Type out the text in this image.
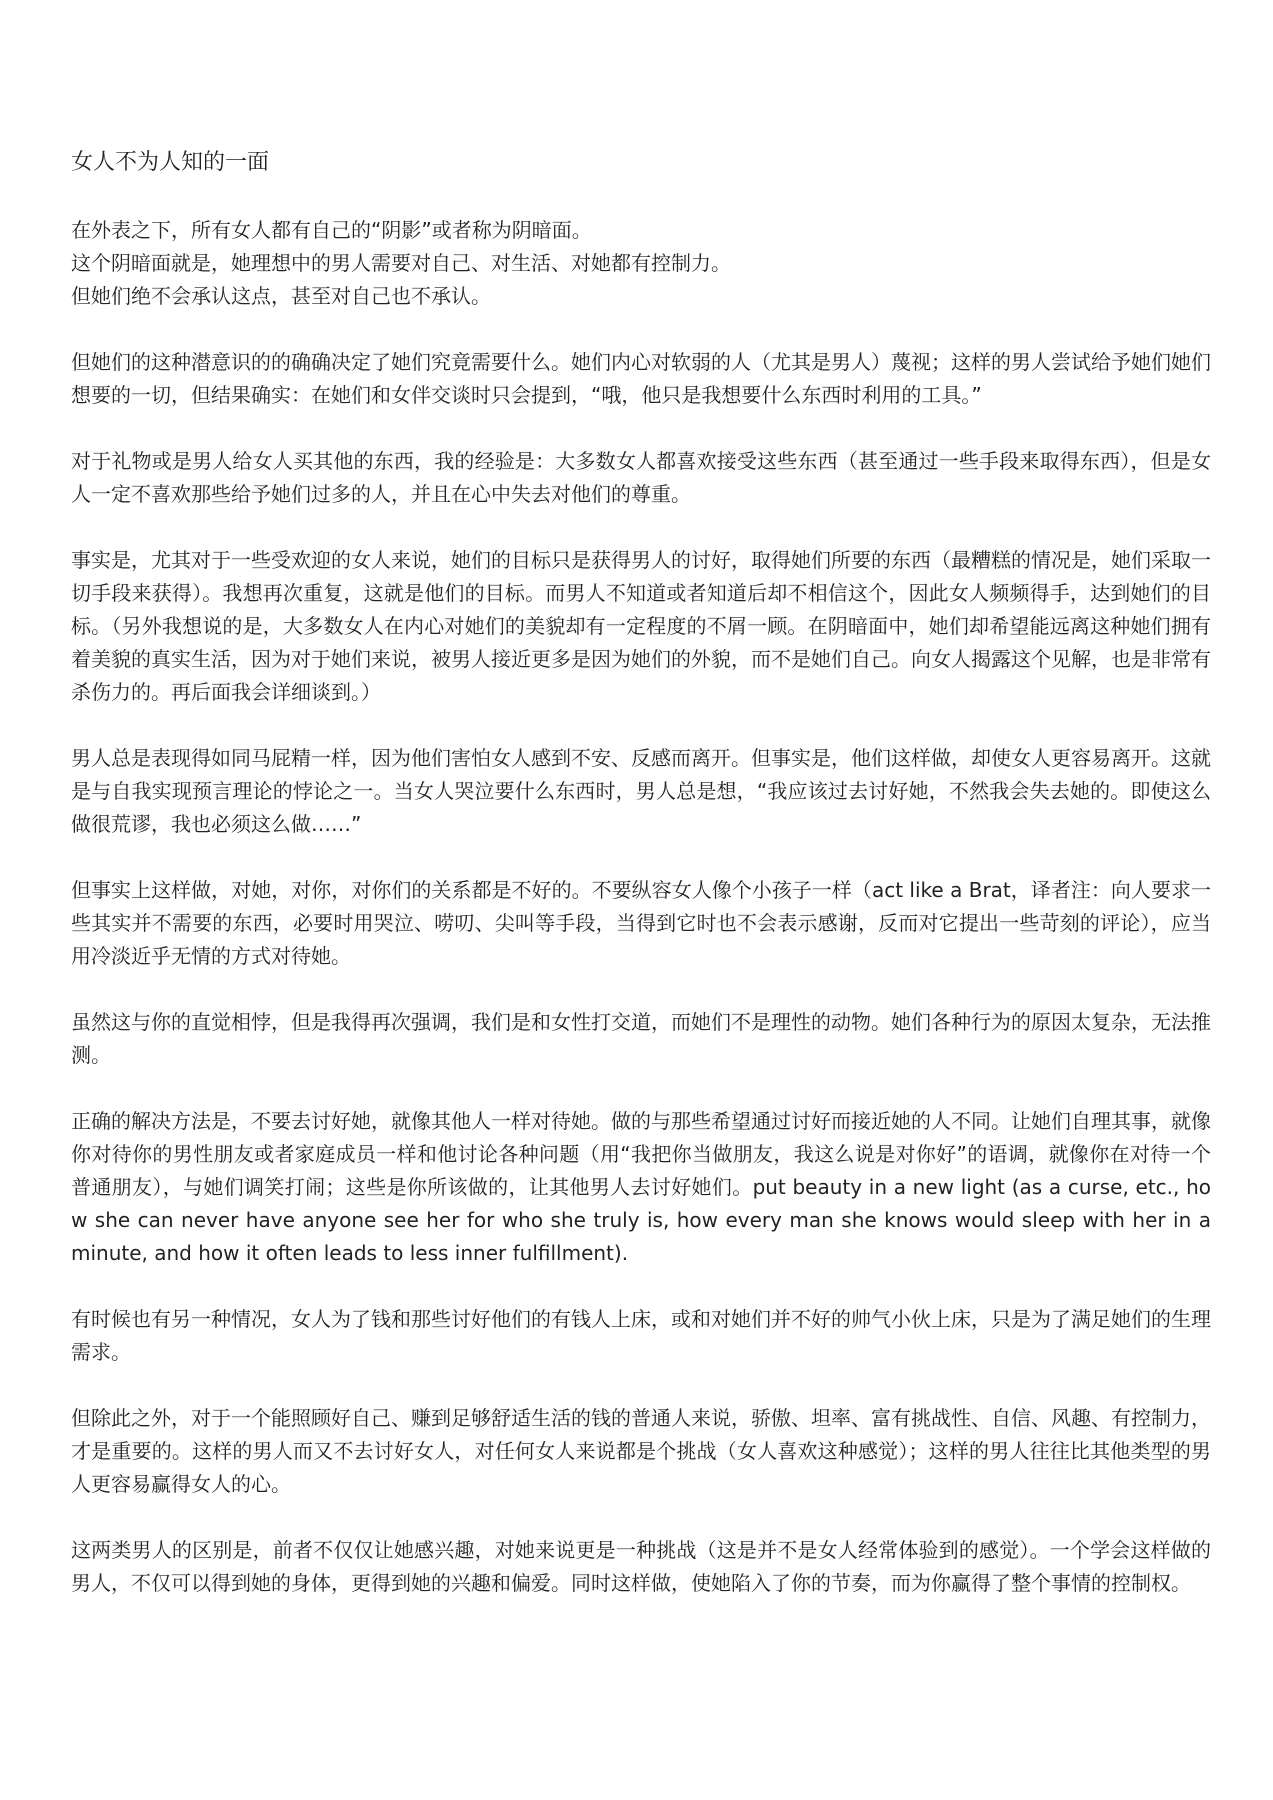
女人不为人知的一面
在外表之下，所有女人都有自己的“阴影”或者称为阴暗面。
这个阴暗面就是，她理想中的男人需要对自己、对生活、对她都有控制力。
但她们绝不会承认这点，甚至对自己也不承认。
但她们的这种潜意识的的确确决定了她们究竟需要什么。她们内心对软弱的人（尤其是男人）蔑视；这样的男人尝试给予她们她们想要的一切，但结果确实：在她们和女伴交谈时只会提到，“哦，他只是我想要什么东西时利用的工具。”
对于礼物或是男人给女人买其他的东西，我的经验是：大多数女人都喜欢接受这些东西（甚至通过一些手段来取得东西），但是女人一定不喜欢那些给予她们过多的人，并且在心中失去对他们的尊重。
事实是，尤其对于一些受欢迎的女人来说，她们的目标只是获得男人的讨好，取得她们所要的东西（最糟糕的情况是，她们采取一切手段来获得）。我想再次重复，这就是他们的目标。而男人不知道或者知道后却不相信这个，因此女人频频得手，达到她们的目标。（另外我想说的是，大多数女人在内心对她们的美貌却有一定程度的不屑一顾。在阴暗面中，她们却希望能远离这种她们拥有着美貌的真实生活，因为对于她们来说，被男人接近更多是因为她们的外貌，而不是她们自己。向女人揭露这个见解，也是非常有杀伤力的。再后面我会详细谈到。）
男人总是表现得如同马屁精一样，因为他们害怕女人感到不安、反感而离开。但事实是，他们这样做，却使女人更容易离开。这就是与自我实现预言理论的悖论之一。当女人哭泣要什么东西时，男人总是想，“我应该过去讨好她，不然我会失去她的。即使这么做很荒谬，我也必须这么做……”
但事实上这样做，对她，对你，对你们的关系都是不好的。不要纵容女人像个小孩子一样（act like a Brat，译者注：向人要求一些其实并不需要的东西，必要时用哭泣、唠叨、尖叫等手段，当得到它时也不会表示感谢，反而对它提出一些苛刻的评论），应当用冷淡近乎无情的方式对待她。
虽然这与你的直觉相悖，但是我得再次强调，我们是和女性打交道，而她们不是理性的动物。她们各种行为的原因太复杂，无法推测。
正确的解决方法是，不要去讨好她，就像其他人一样对待她。做的与那些希望通过讨好而接近她的人不同。让她们自理其事，就像你对待你的男性朋友或者家庭成员一样和他讨论各种问题（用“我把你当做朋友，我这么说是对你好”的语调，就像你在对待一个普通朋友），与她们调笑打闹；这些是你所该做的，让其他男人去讨好她们。put beauty in a new light (as a curse, etc., how she can never have anyone see her for who she truly is, how every man she knows would sleep with her in a minute, and how it often leads to less inner fulfillment).
有时候也有另一种情况，女人为了钱和那些讨好他们的有钱人上床，或和对她们并不好的帅气小伙上床，只是为了满足她们的生理需求。
但除此之外，对于一个能照顾好自己、赚到足够舒适生活的钱的普通人来说，骄傲、坦率、富有挑战性、自信、风趣、有控制力，才是重要的。这样的男人而又不去讨好女人，对任何女人来说都是个挑战（女人喜欢这种感觉）；这样的男人往往比其他类型的男人更容易赢得女人的心。
这两类男人的区别是，前者不仅仅让她感兴趣，对她来说更是一种挑战（这是并不是女人经常体验到的感觉）。一个学会这样做的男人，不仅可以得到她的身体，更得到她的兴趣和偏爱。同时这样做，使她陷入了你的节奏，而为你赢得了整个事情的控制权。
